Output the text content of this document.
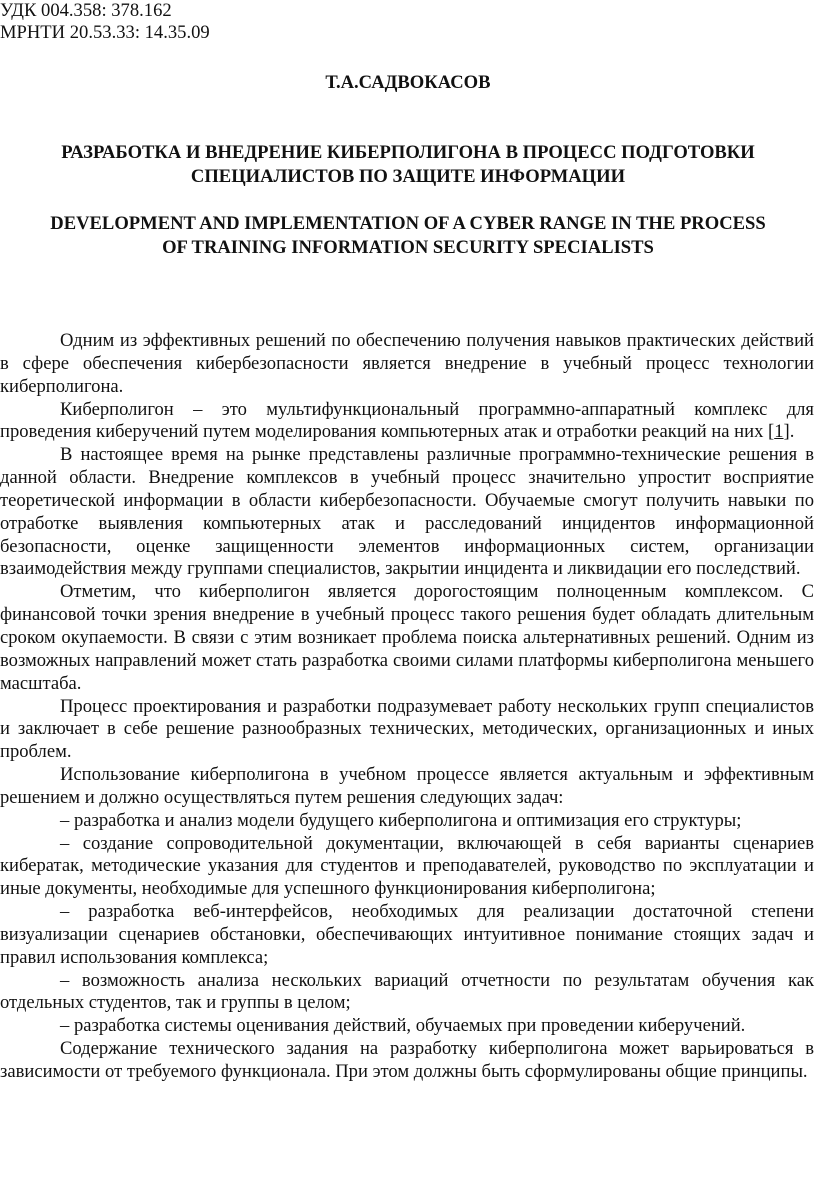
УДК 004.358: 378.162
МРНТИ 20.53.33: 14.35.09
Т.А.САДВОКАСОВ
РАЗРАБОТКА И ВНЕДРЕНИЕ КИБЕРПОЛИГОНА В ПРОЦЕСС ПОДГОТОВКИ
СПЕЦИАЛИСТОВ ПО ЗАЩИТЕ ИНФОРМАЦИИ
DEVELOPMENT AND IMPLEMENTATION OF A CYBER RANGE IN THE PROCESS
OF TRAINING INFORMATION SECURITY SPECIALISTS

Одним из эффективных решений по обеспечению получения навыков практических действий в сфере обеспечения кибербезопасности является внедрение в учебный процесс технологии киберполигона.

Киберполигон – это мультифункциональный программно-аппаратный комплекс для проведения киберучений путем моделирования компьютерных атак и отработки реакций на них [1].

В настоящее время на рынке представлены различные программно-технические решения в данной области. Внедрение комплексов в учебный процесс значительно упростит восприятие теоретической информации в области кибербезопасности. Обучаемые смогут получить навыки по отработке выявления компьютерных атак и расследований инцидентов информационной безопасности, оценке защищенности элементов информационных систем, организации взаимодействия между группами специалистов, закрытии инцидента и ликвидации его последствий.

Отметим, что киберполигон является дорогостоящим полноценным комплексом. С финансовой точки зрения внедрение в учебный процесс такого решения будет обладать длительным сроком окупаемости. В связи с этим возникает проблема поиска альтернативных решений. Одним из возможных направлений может стать разработка своими силами платформы киберполигона меньшего масштаба.

Процесс проектирования и разработки подразумевает работу нескольких групп специалистов и заключает в себе решение разнообразных технических, методических, организационных и иных проблем.

Использование киберполигона в учебном процессе является актуальным и эффективным решением и должно осуществляться путем решения следующих задач:

– разработка и анализ модели будущего киберполигона и оптимизация его структуры;

– создание сопроводительной документации, включающей в себя варианты сценариев кибератак, методические указания для студентов и преподавателей, руководство по эксплуатации и иные документы, необходимые для успешного функционирования киберполигона;

– разработка веб-интерфейсов, необходимых для реализации достаточной степени визуализации сценариев обстановки, обеспечивающих интуитивное понимание стоящих задач и правил использования комплекса;

– возможность анализа нескольких вариаций отчетности по результатам обучения как отдельных студентов, так и группы в целом;

– разработка системы оценивания действий, обучаемых при проведении киберучений.

Содержание технического задания на разработку киберполигона может варьироваться в зависимости от требуемого функционала. При этом должны быть сформулированы общие принципы.
